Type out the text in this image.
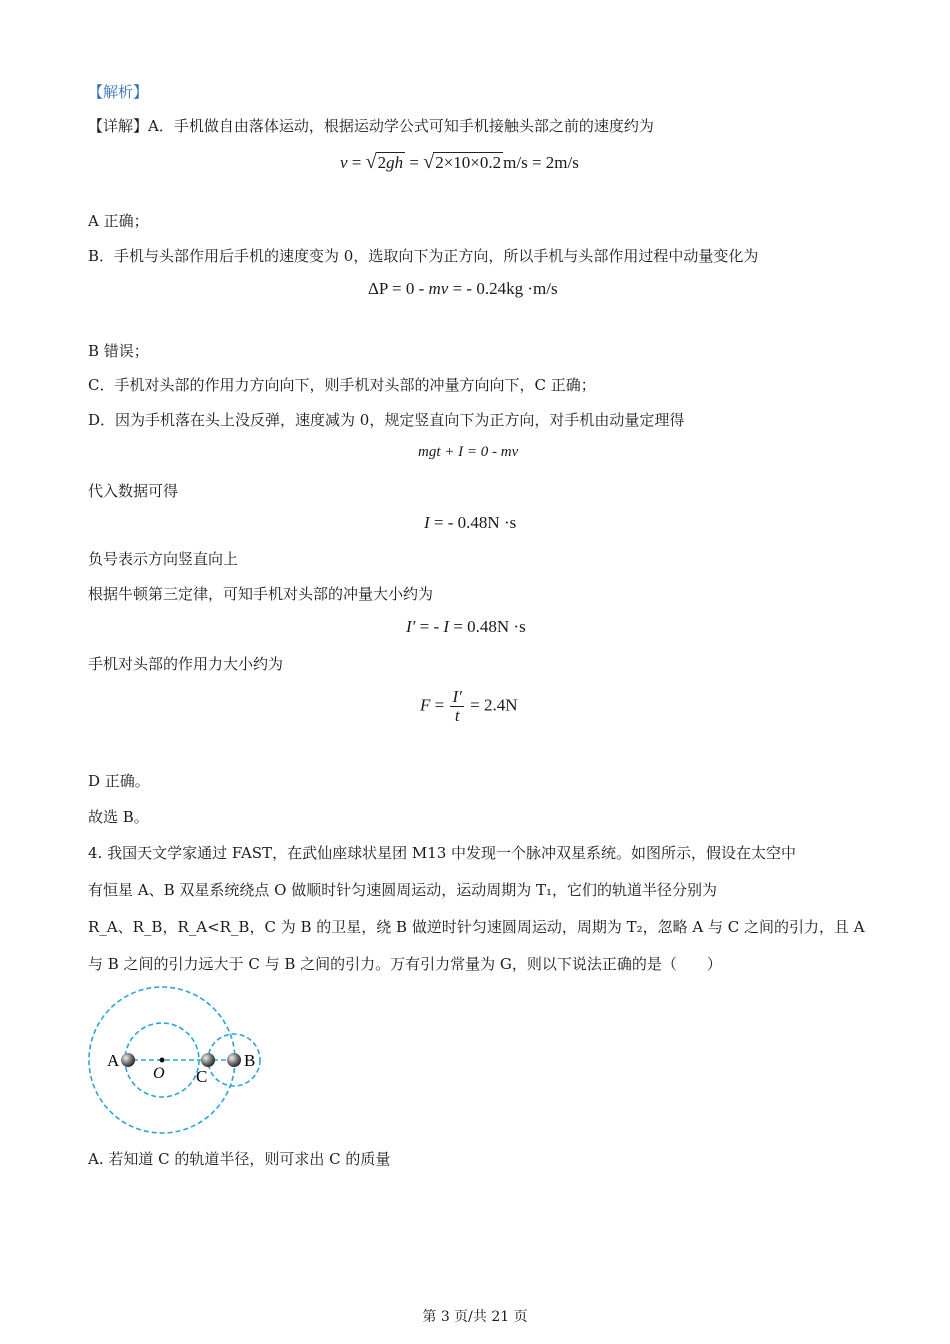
【解析】
【详解】A．手机做自由落体运动，根据运动学公式可知手机接触头部之前的速度约为
v = √2gh = √2×10×0.2 m/s = 2m/s
A 正确；
B．手机与头部作用后手机的速度变为 0，选取向下为正方向，所以手机与头部作用过程中动量变化为
ΔP = 0 - mv = - 0.24kg ·m/s
B 错误；
C．手机对头部的作用力方向向下，则手机对头部的冲量方向向下，C 正确；
D．因为手机落在头上没反弹，速度减为 0，规定竖直向下为正方向，对手机由动量定理得
mgt + I = 0 - mv
代入数据可得
I = - 0.48N ·s
负号表示方向竖直向上
根据牛顿第三定律，可知手机对头部的冲量大小约为
I′ = - I = 0.48N ·s
手机对头部的作用力大小约为
$F = \frac{I'}{t} = 2.4N$
D 正确。
故选 B。
4. 我国天文学家通过 FAST，在武仙座球状星团 M13 中发现一个脉冲双星系统。如图所示，假设在太空中
有恒星 A、B 双星系统绕点 O 做顺时针匀速圆周运动，运动周期为 T₁，它们的轨道半径分别为
R_A、R_B，R_A<R_B，C 为 B 的卫星，绕 B 做逆时针匀速圆周运动，周期为 T₂，忽略 A 与 C 之间的引力，且 A
与 B 之间的引力远大于 C 与 B 之间的引力。万有引力常量为 G，则以下说法正确的是（　　）
A
O C
B
A. 若知道 C 的轨道半径，则可求出 C 的质量
第 3 页/共 21 页
